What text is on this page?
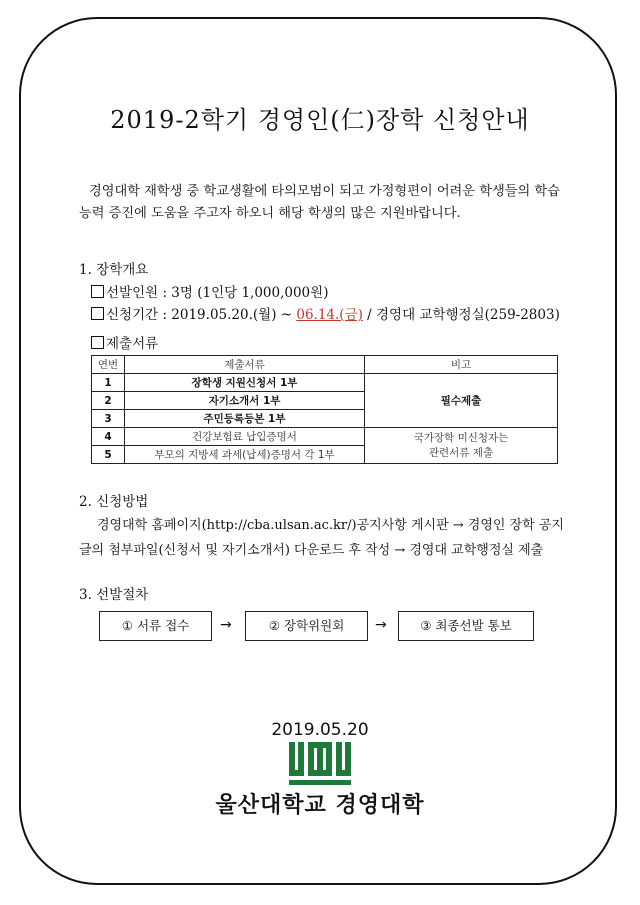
2019-2학기 경영인(仁)장학 신청안내
경영대학 재학생 중 학교생활에 타의모범이 되고 가정형편이 어려운 학생들의 학습능력 증진에 도움을 주고자 하오니 해당 학생의 많은 지원바랍니다.
1. 장학개요
선발인원 : 3명 (1인당 1,000,000원)
신청기간 : 2019.05.20.(월) ~ 06.14.(금) / 경영대 교학행정실(259-2803)
제출서류
연번	제출서류	비고
1	장학생 지원신청서 1부	필수제출
2	자기소개서 1부	
3	주민등록등본 1부	
4	건강보험료 납입증명서	국가장학 미신청자는
관련서류 제출
5	부모의 지방세 과세(납세)증명서 각 1부	
2. 신청방법
경영대학 홈페이지(http://cba.ulsan.ac.kr/)공지사항 게시판 → 경영인 장학 공지글의 첨부파일(신청서 및 자기소개서) 다운로드 후 작성 → 경영대 교학행정실 제출
3. 선발절차
① 서류 접수	→	② 장학위원회	→	③ 최종선발 통보
2019.05.20
울산대학교 경영대학
